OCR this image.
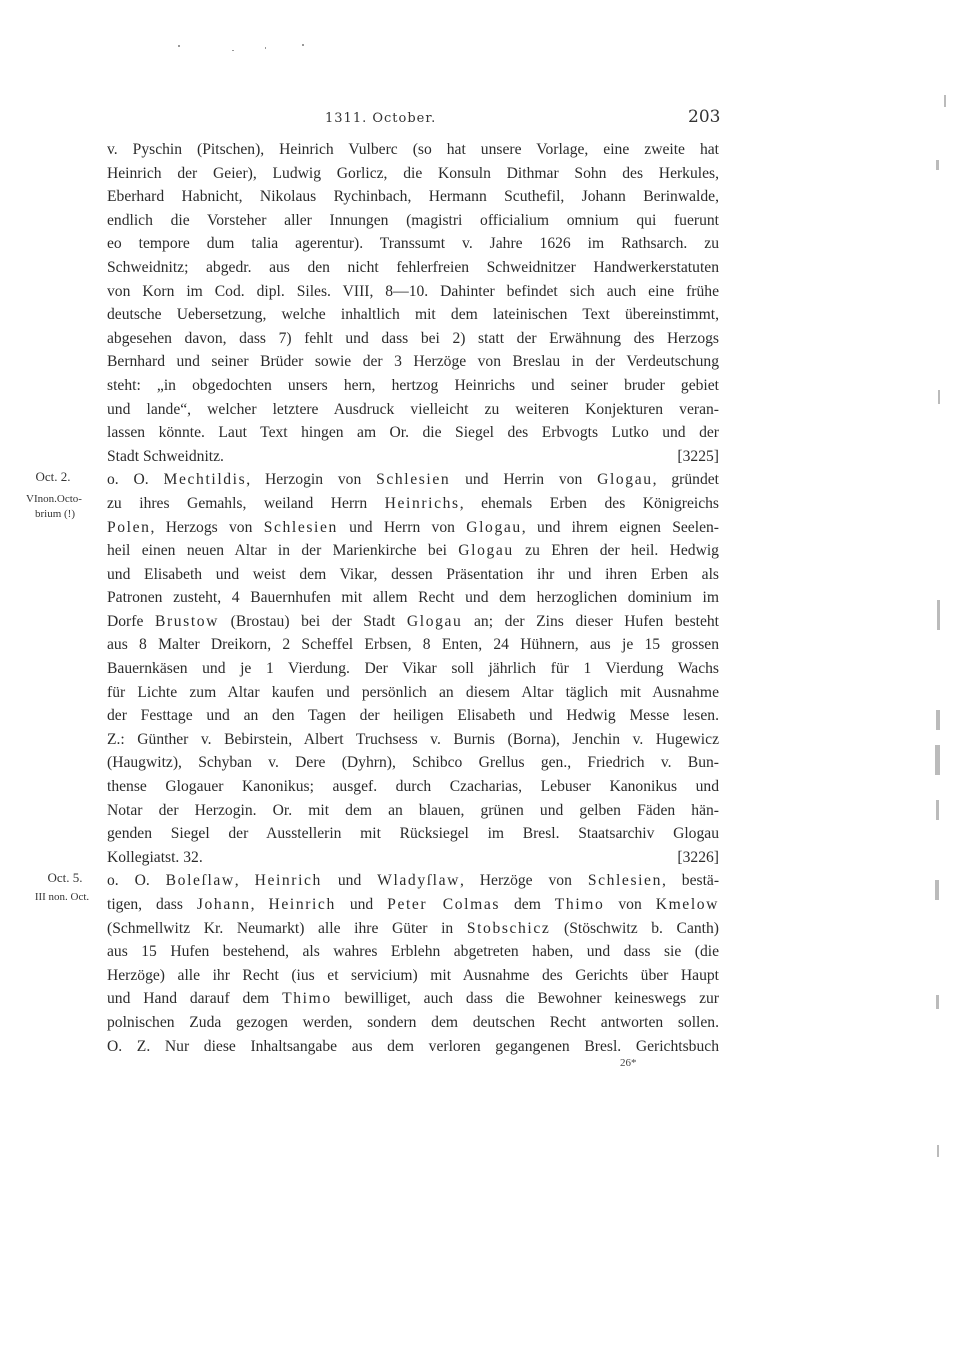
1311. October.	203
Oct. 2.
VInon.Octo-
brium (!)
Oct. 5.
III non. Oct.
v. Pyschin (Pitschen), Heinrich Vulberc (so hat unsere Vorlage, eine zweite hat
Heinrich der Geier), Ludwig Gorlicz, die Konsuln Dithmar Sohn des Herkules,
Eberhard Habnicht, Nikolaus Rychinbach, Hermann Scuthefil, Johann Berinwalde,
endlich die Vorsteher aller Innungen (magistri officialium omnium qui fuerunt
eo tempore dum talia agerentur). Transsumt v. Jahre 1626 im Rathsarch. zu
Schweidnitz; abgedr. aus den nicht fehlerfreien Schweidnitzer Handwerkerstatuten
von Korn im Cod. dipl. Siles. VIII, 8—10. Dahinter befindet sich auch eine frühe
deutsche Uebersetzung, welche inhaltlich mit dem lateinischen Text übereinstimmt,
abgesehen davon, dass 7) fehlt und dass bei 2) statt der Erwähnung des Herzogs
Bernhard und seiner Brüder sowie der 3 Herzöge von Breslau in der Verdeutschung
steht: „in obgedochten unsers hern, hertzog Heinrichs und seiner bruder gebiet
und lande“, welcher letztere Ausdruck vielleicht zu weiteren Konjekturen veran-
lassen könnte. Laut Text hingen am Or. die Siegel des Erbvogts Lutko und der
Stadt Schweidnitz.	[3225]
o. O. Mechtildis, Herzogin von Schlesien und Herrin von Glogau, gründet
zu ihres Gemahls, weiland Herrn Heinrichs, ehemals Erben des Königreichs
Polen, Herzogs von Schlesien und Herrn von Glogau, und ihrem eignen Seelen-
heil einen neuen Altar in der Marienkirche bei Glogau zu Ehren der heil. Hedwig
und Elisabeth und weist dem Vikar, dessen Präsentation ihr und ihren Erben als
Patronen zusteht, 4 Bauernhufen mit allem Recht und dem herzoglichen dominium im
Dorfe Brustow (Brostau) bei der Stadt Glogau an; der Zins dieser Hufen besteht
aus 8 Malter Dreikorn, 2 Scheffel Erbsen, 8 Enten, 24 Hühnern, aus je 15 grossen
Bauernkäsen und je 1 Vierdung. Der Vikar soll jährlich für 1 Vierdung Wachs
für Lichte zum Altar kaufen und persönlich an diesem Altar täglich mit Ausnahme
der Festtage und an den Tagen der heiligen Elisabeth und Hedwig Messe lesen.
Z.: Günther v. Bebirstein, Albert Truchsess v. Burnis (Borna), Jenchin v. Hugewicz
(Haugwitz), Schyban v. Dere (Dyhrn), Schibco Grellus gen., Friedrich v. Bun-
thense Glogauer Kanonikus; ausgef. durch Czacharias, Lebuser Kanonikus und
Notar der Herzogin. Or. mit dem an blauen, grünen und gelben Fäden hän-
genden Siegel der Ausstellerin mit Rücksiegel im Bresl. Staatsarchiv Glogau
Kollegiatst. 32.	[3226]
o. O. Boleſlaw, Heinrich und Wladyſlaw, Herzöge von Schlesien, bestä-
tigen, dass Johann, Heinrich und Peter Colmas dem Thimo von Kmelow
(Schmellwitz Kr. Neumarkt) alle ihre Güter in Stobschicz (Stöschwitz b. Canth)
aus 15 Hufen bestehend, als wahres Erblehn abgetreten haben, und dass sie (die
Herzöge) alle ihr Recht (ius et servicium) mit Ausnahme des Gerichts über Haupt
und Hand darauf dem Thimo bewilliget, auch dass die Bewohner keineswegs zur
polnischen Zuda gezogen werden, sondern dem deutschen Recht antworten sollen.
O. Z. Nur diese Inhaltsangabe aus dem verloren gegangenen Bresl. Gerichtsbuch
26*
